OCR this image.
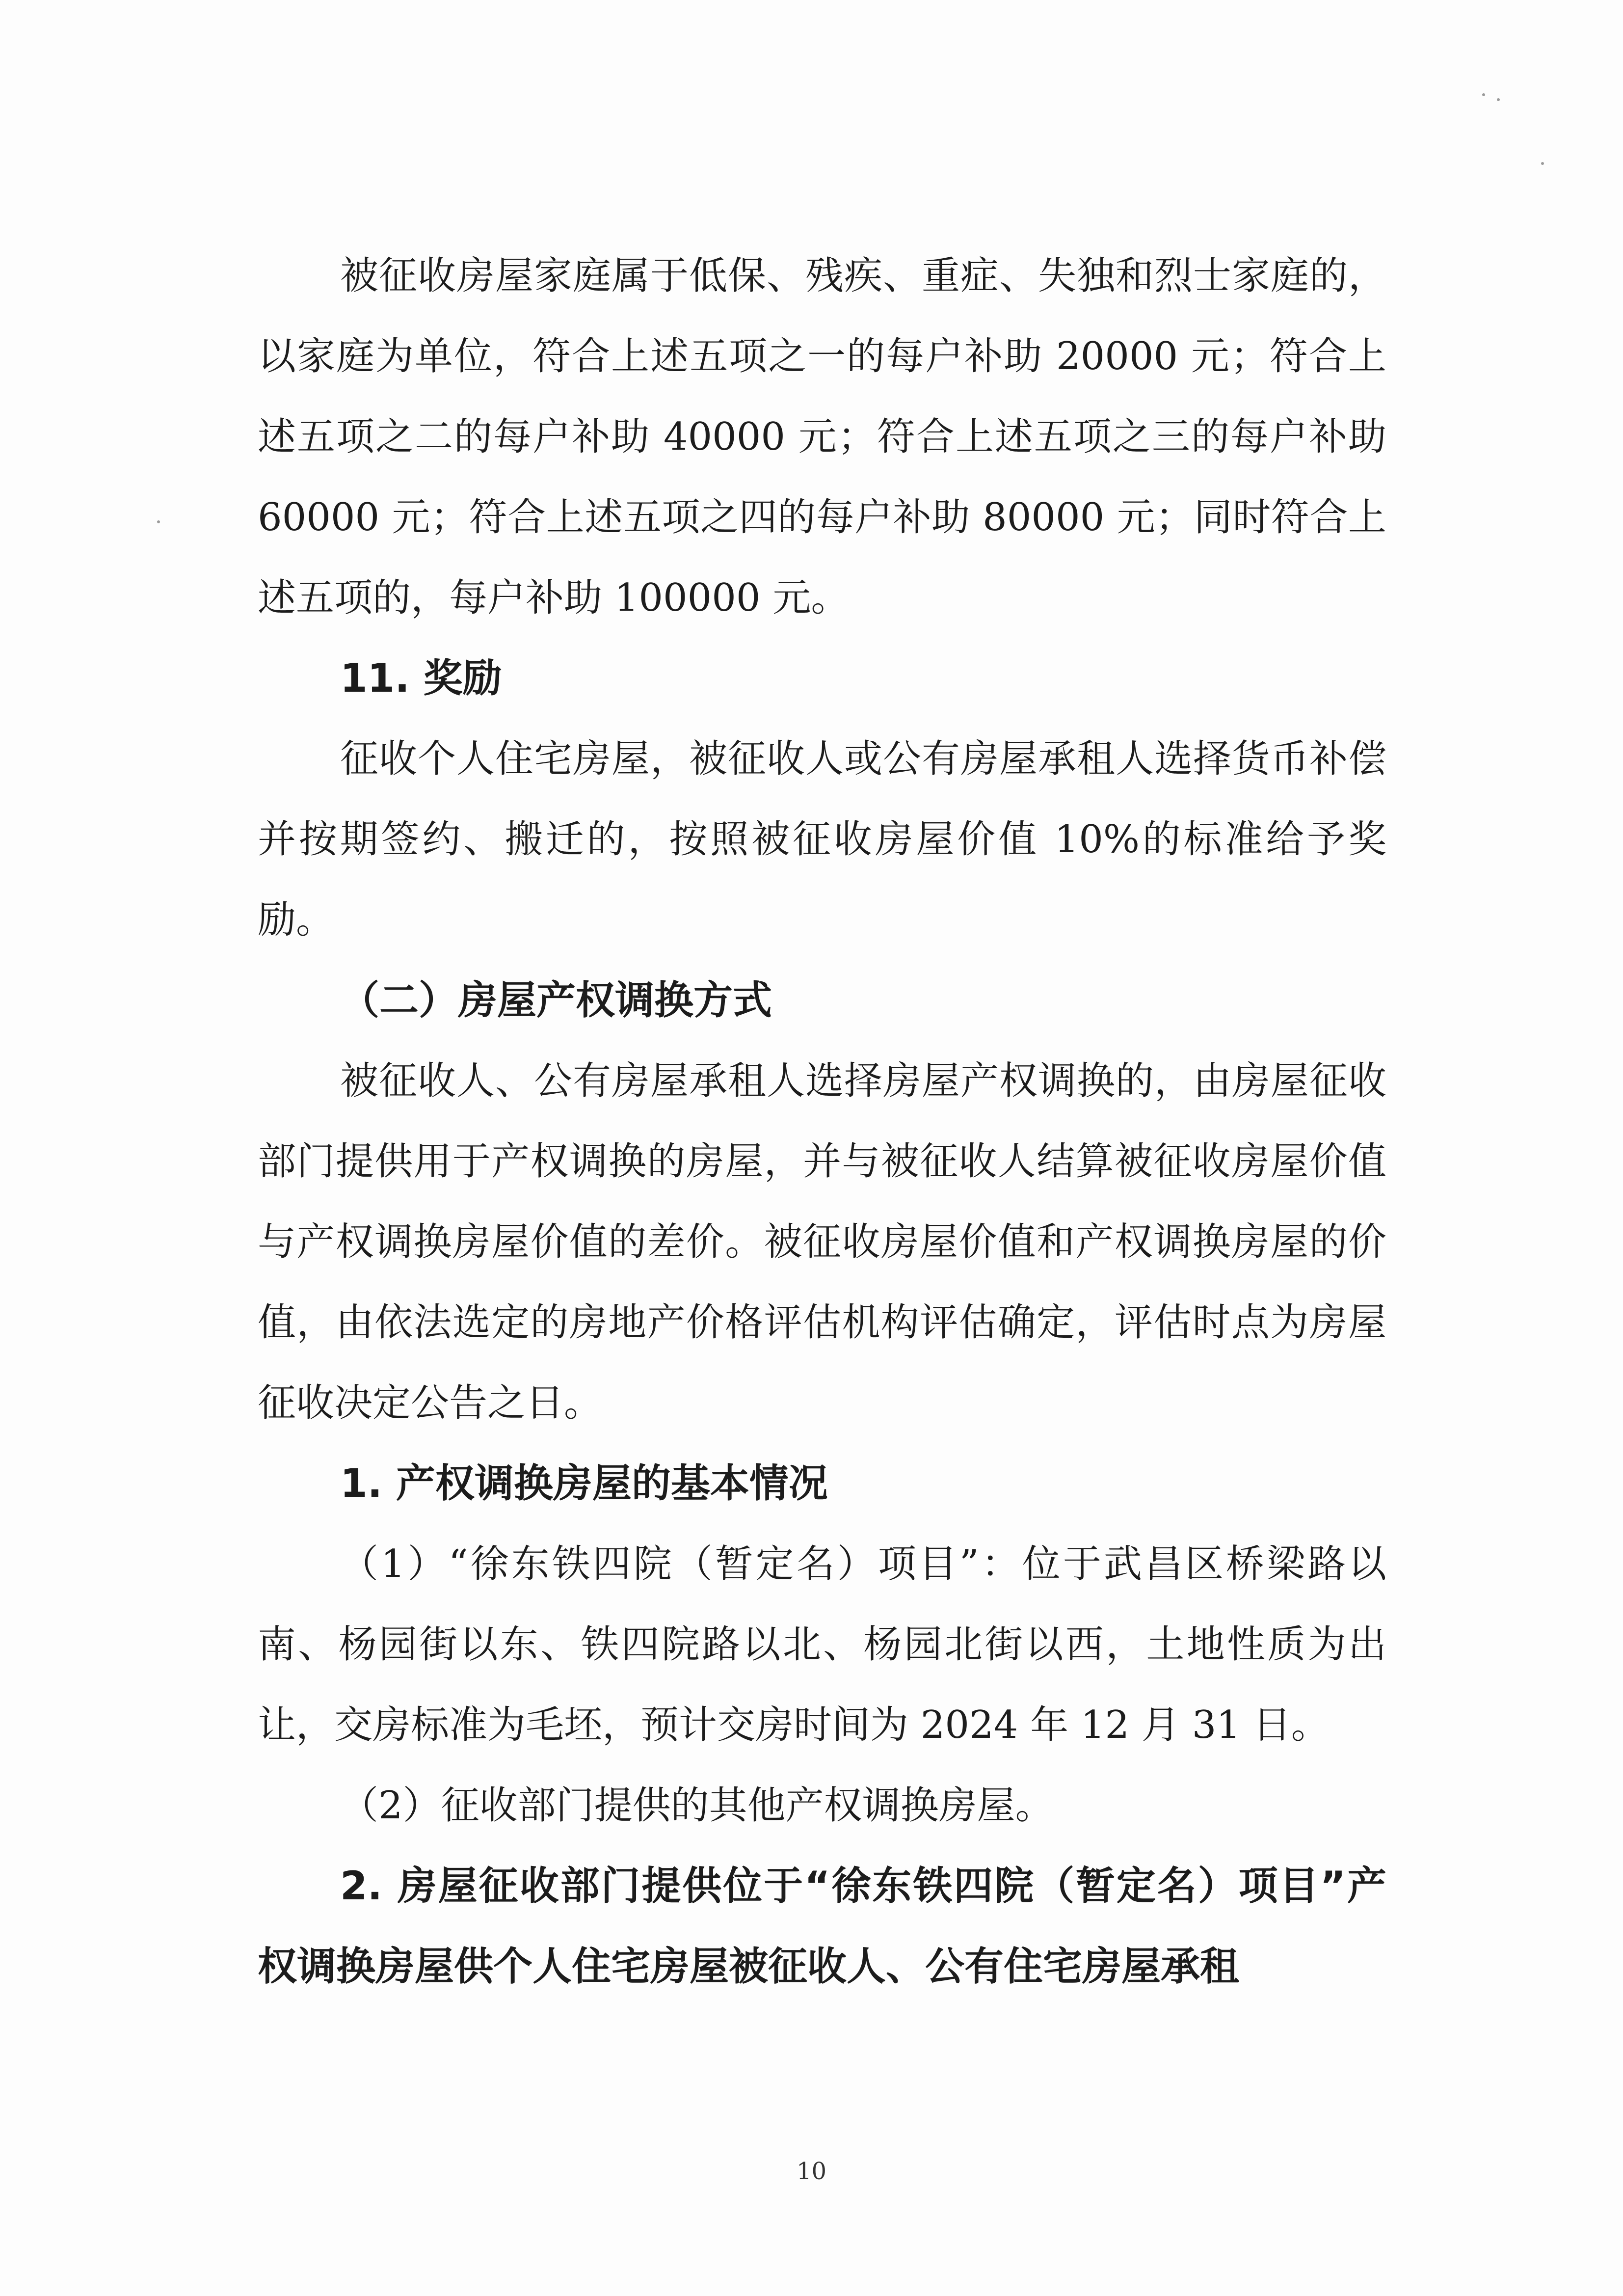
被征收房屋家庭属于低保、残疾、重症、失独和烈士家庭的，以家庭为单位，符合上述五项之一的每户补助 20000 元；符合上述五项之二的每户补助 40000 元；符合上述五项之三的每户补助 60000 元；符合上述五项之四的每户补助 80000 元；同时符合上述五项的，每户补助 100000 元。

11. 奖励

征收个人住宅房屋，被征收人或公有房屋承租人选择货币补偿并按期签约、搬迁的，按照被征收房屋价值 10%的标准给予奖励。

（二）房屋产权调换方式

被征收人、公有房屋承租人选择房屋产权调换的，由房屋征收部门提供用于产权调换的房屋，并与被征收人结算被征收房屋价值与产权调换房屋价值的差价。被征收房屋价值和产权调换房屋的价值，由依法选定的房地产价格评估机构评估确定，评估时点为房屋征收决定公告之日。

1. 产权调换房屋的基本情况

（1）“徐东铁四院（暂定名）项目”：位于武昌区桥梁路以南、杨园街以东、铁四院路以北、杨园北街以西，土地性质为出让，交房标准为毛坯，预计交房时间为 2024 年 12 月 31 日。

（2）征收部门提供的其他产权调换房屋。

2. 房屋征收部门提供位于“徐东铁四院（暂定名）项目”产权调换房屋供个人住宅房屋被征收人、公有住宅房屋承租

10
